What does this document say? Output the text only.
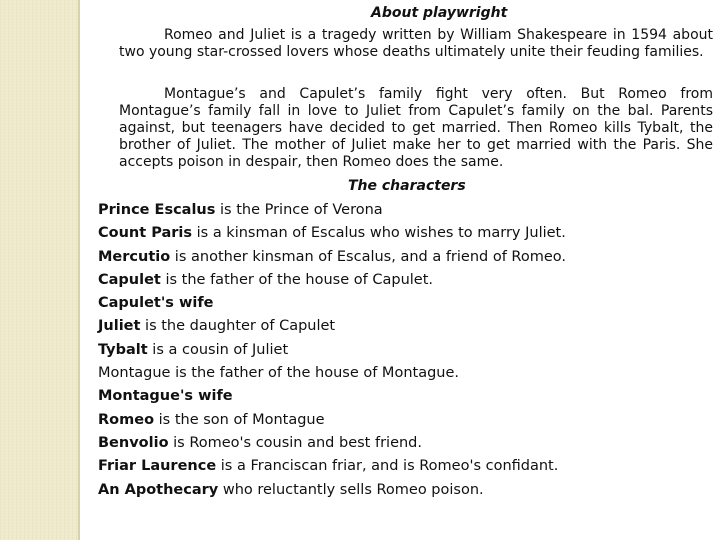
About playwright

Romeo and Juliet is a tragedy written by William Shakespeare in 1594 about two young star-crossed lovers whose deaths ultimately unite their feuding families.

Montague’s and Capulet’s family fight very often. But Romeo from Montague’s family fall in love to Juliet from Capulet’s family on the bal. Parents against, but teenagers have decided to get married. Then Romeo kills Tybalt, the brother of Juliet. The mother of Juliet make her to get married with the Paris. She accepts poison in despair, then Romeo does the same.

The characters
Prince Escalus is the Prince of Verona
Count Paris is a kinsman of Escalus who wishes to marry Juliet.
Mercutio is another kinsman of Escalus, and a friend of Romeo.
Capulet is the father of the house of Capulet.
Capulet's wife
Juliet is the daughter of Capulet
Tybalt is a cousin of Juliet
Montague is the father of the house of Montague.
Montague's wife
Romeo is the son of Montague
Benvolio is Romeo's cousin and best friend.
Friar Laurence is a Franciscan friar, and is Romeo's confidant.
An Apothecary who reluctantly sells Romeo poison.
